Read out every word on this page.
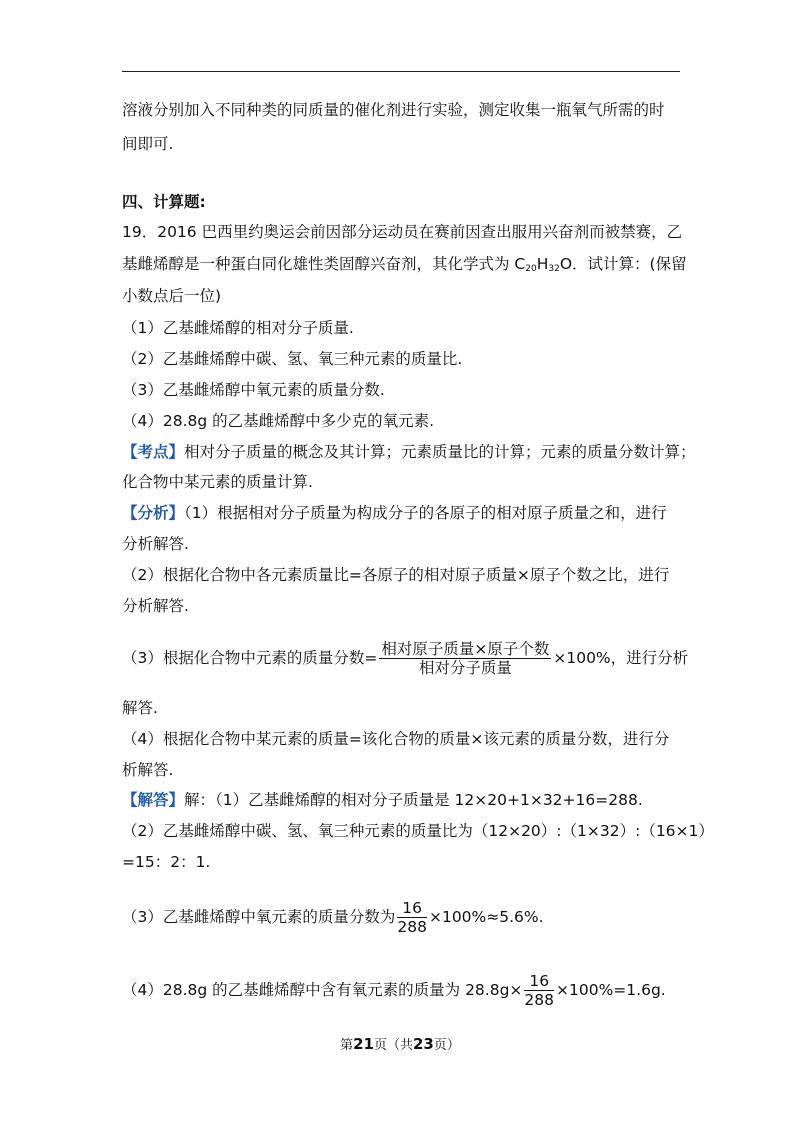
溶液分别加入不同种类的同质量的催化剂进行实验，测定收集一瓶氧气所需的时
间即可.
四、计算题:
19．2016 巴西里约奥运会前因部分运动员在赛前因查出服用兴奋剂而被禁赛，乙
基雌烯醇是一种蛋白同化雄性类固醇兴奋剂，其化学式为 $C_{20}H_{32}O$．试计算：(保留
小数点后一位)
（1）乙基雌烯醇的相对分子质量.
（2）乙基雌烯醇中碳、氢、氧三种元素的质量比.
（3）乙基雌烯醇中氧元素的质量分数.
（4）28.8g 的乙基雌烯醇中多少克的氧元素.
【考点】相对分子质量的概念及其计算；元素质量比的计算；元素的质量分数计算；
化合物中某元素的质量计算.
【分析】（1）根据相对分子质量为构成分子的各原子的相对原子质量之和，进行
分析解答.
（2）根据化合物中各元素质量比=各原子的相对原子质量×原子个数之比，进行
分析解答.
（3）根据化合物中元素的质量分数= $\frac{\text{相对原子质量×原子个数}}{\text{相对分子质量}} \times 100\%$，进行分析
解答.
（4）根据化合物中某元素的质量=该化合物的质量×该元素的质量分数，进行分
析解答.
【解答】解：（1）乙基雌烯醇的相对分子质量是 12×20+1×32+16=288.
（2）乙基雌烯醇中碳、氢、氧三种元素的质量比为（12×20）:（1×32）:（16×1）
=15：2：1.
（3）乙基雌烯醇中氧元素的质量分数为 $\frac{16}{288} \times 100\%\approx 5.6\%$.
（4）28.8g 的乙基雌烯醇中含有氧元素的质量为 $28.8g\times \frac{16}{288} \times 100\%=1.6g$.
第21页（共23页）
